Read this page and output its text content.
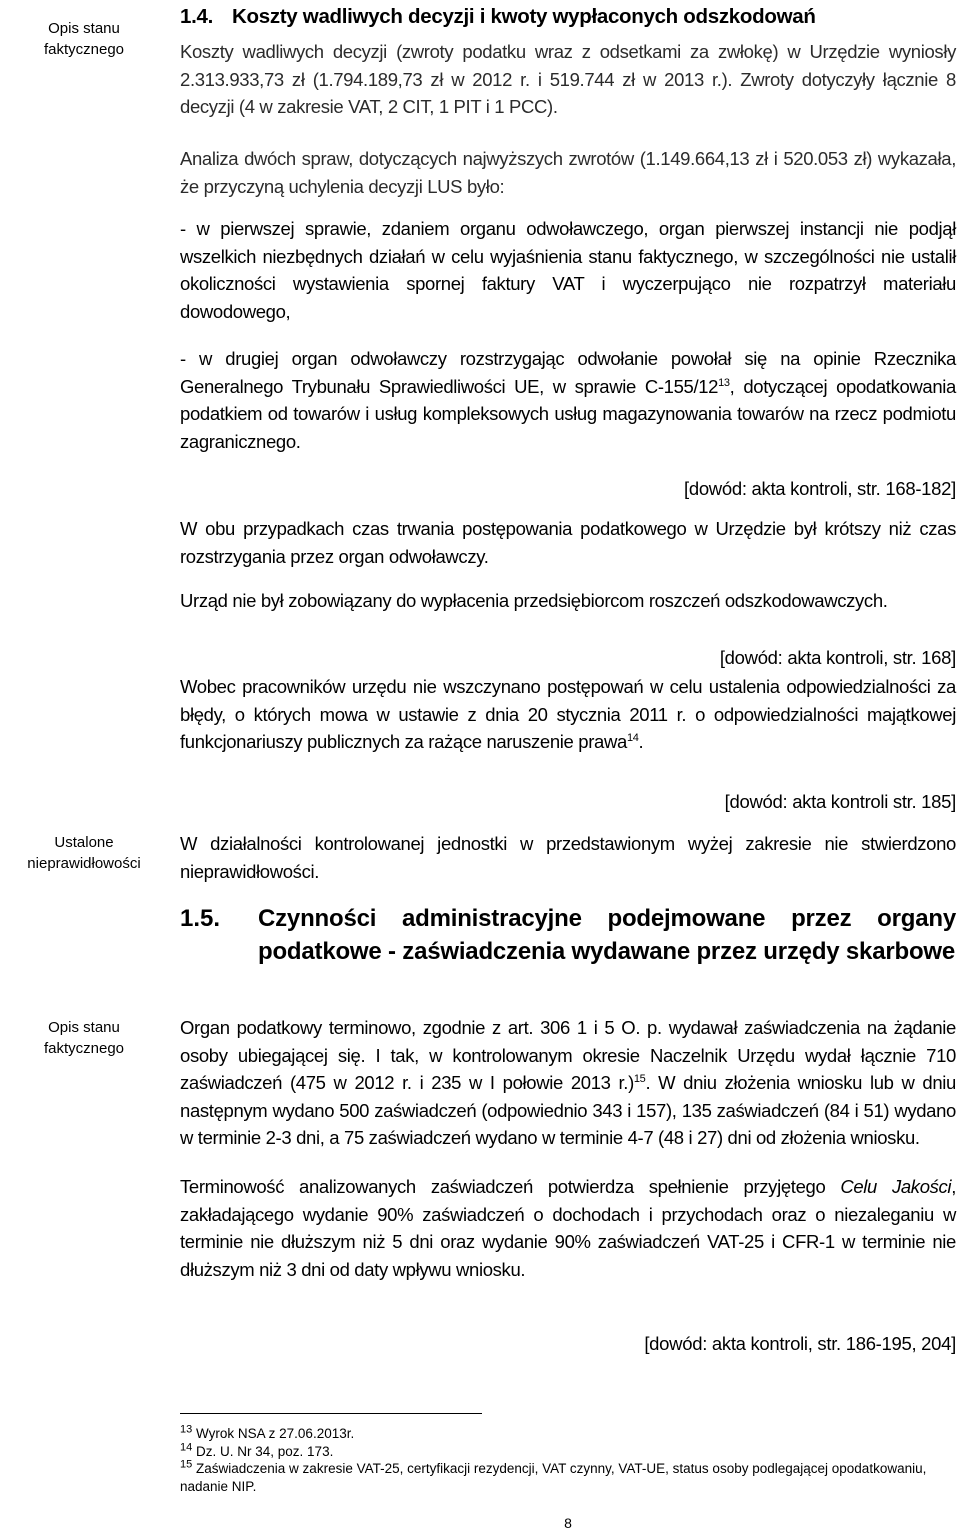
Opis stanu
faktycznego
Ustalone
nieprawidłowości
Opis stanu
faktycznego
1.4. Koszty wadliwych decyzji i kwoty wypłaconych odszkodowań

Koszty wadliwych decyzji (zwroty podatku wraz z odsetkami za zwłokę) w Urzędzie wyniosły 2.313.933,73 zł (1.794.189,73 zł w 2012 r. i 519.744 zł w 2013 r.). Zwroty dotyczyły łącznie 8 decyzji (4 w zakresie VAT, 2 CIT, 1 PIT i 1 PCC).

Analiza dwóch spraw, dotyczących najwyższych zwrotów (1.149.664,13 zł i 520.053 zł) wykazała, że przyczyną uchylenia decyzji LUS było:

- w pierwszej sprawie, zdaniem organu odwoławczego, organ pierwszej instancji nie podjął wszelkich niezbędnych działań w celu wyjaśnienia stanu faktycznego, w szczególności nie ustalił okoliczności wystawienia spornej faktury VAT i wyczerpująco nie rozpatrzył materiału dowodowego,

- w drugiej organ odwoławczy rozstrzygając odwołanie powołał się na opinie Rzecznika Generalnego Trybunału Sprawiedliwości UE, w sprawie $C-155/12^{13}$, dotyczącej opodatkowania podatkiem od towarów i usług kompleksowych usług magazynowania towarów na rzecz podmiotu zagranicznego.

[dowód: akta kontroli, str. 168-182]

W obu przypadkach czas trwania postępowania podatkowego w Urzędzie był krótszy niż czas rozstrzygania przez organ odwoławczy.

Urząd nie był zobowiązany do wypłacenia przedsiębiorcom roszczeń odszkodowawczych.

[dowód: akta kontroli, str. 168]

Wobec pracowników urzędu nie wszczynano postępowań w celu ustalenia odpowiedzialności za błędy, o których mowa w ustawie z dnia 20 stycznia 2011 r. o odpowiedzialności majątkowej funkcjonariuszy publicznych za rażące naruszenie prawa$^{14}$.

[dowód: akta kontroli str. 185]

W działalności kontrolowanej jednostki w przedstawionym wyżej zakresie nie stwierdzono nieprawidłowości.

1.5. Czynności administracyjne podejmowane przez organy podatkowe - zaświadczenia wydawane przez urzędy skarbowe

Organ podatkowy terminowo, zgodnie z art. 306 1 i 5 O. p. wydawał zaświadczenia na żądanie osoby ubiegającej się. I tak, w kontrolowanym okresie Naczelnik Urzędu wydał łącznie 710 zaświadczeń (475 w 2012 r. i 235 w I połowie 2013 r.)$^{15}$. W dniu złożenia wniosku lub w dniu następnym wydano 500 zaświadczeń (odpowiednio 343 i 157), 135 zaświadczeń (84 i 51) wydano w terminie 2-3 dni, a 75 zaświadczeń wydano w terminie 4-7 (48 i 27) dni od złożenia wniosku.

Terminowość analizowanych zaświadczeń potwierdza spełnienie przyjętego Celu Jakości, zakładającego wydanie 90% zaświadczeń o dochodach i przychodach oraz o niezaleganiu w terminie nie dłuższym niż 5 dni oraz wydanie 90% zaświadczeń VAT-25 i CFR-1 w terminie nie dłuższym niż 3 dni od daty wpływu wniosku.

[dowód: akta kontroli, str. 186-195, 204]
$^{13}$ Wyrok NSA z 27.06.2013r.
$^{14}$ Dz. U. Nr 34, poz. 173.
$^{15}$ Zaświadczenia w zakresie VAT-25, certyfikacji rezydencji, VAT czynny, VAT-UE, status osoby podlegającej opodatkowaniu, nadanie NIP.
8
